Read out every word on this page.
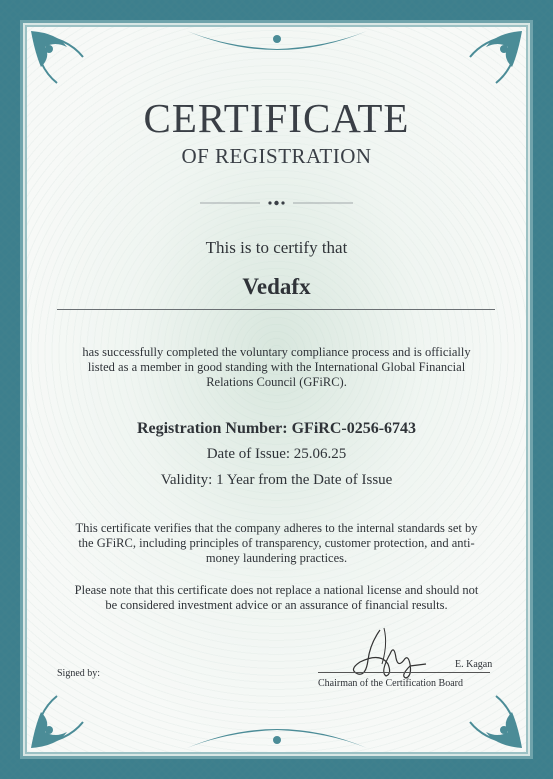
CERTIFICATE
OF REGISTRATION
This is to certify that
Vedafx
has successfully completed the voluntary compliance process and is officially listed as a member in good standing with the International Global Financial Relations Council (GFiRC).
Registration Number: GFiRC-0256-6743
Date of Issue: 25.06.25
Validity: 1 Year from the Date of Issue
This certificate verifies that the company adheres to the internal standards set by the GFiRC, including principles of transparency, customer protection, and anti-money laundering practices.
Please note that this certificate does not replace a national license and should not be considered investment advice or an assurance of financial results.
Signed by:
E. Kagan
Chairman of the Certification Board
